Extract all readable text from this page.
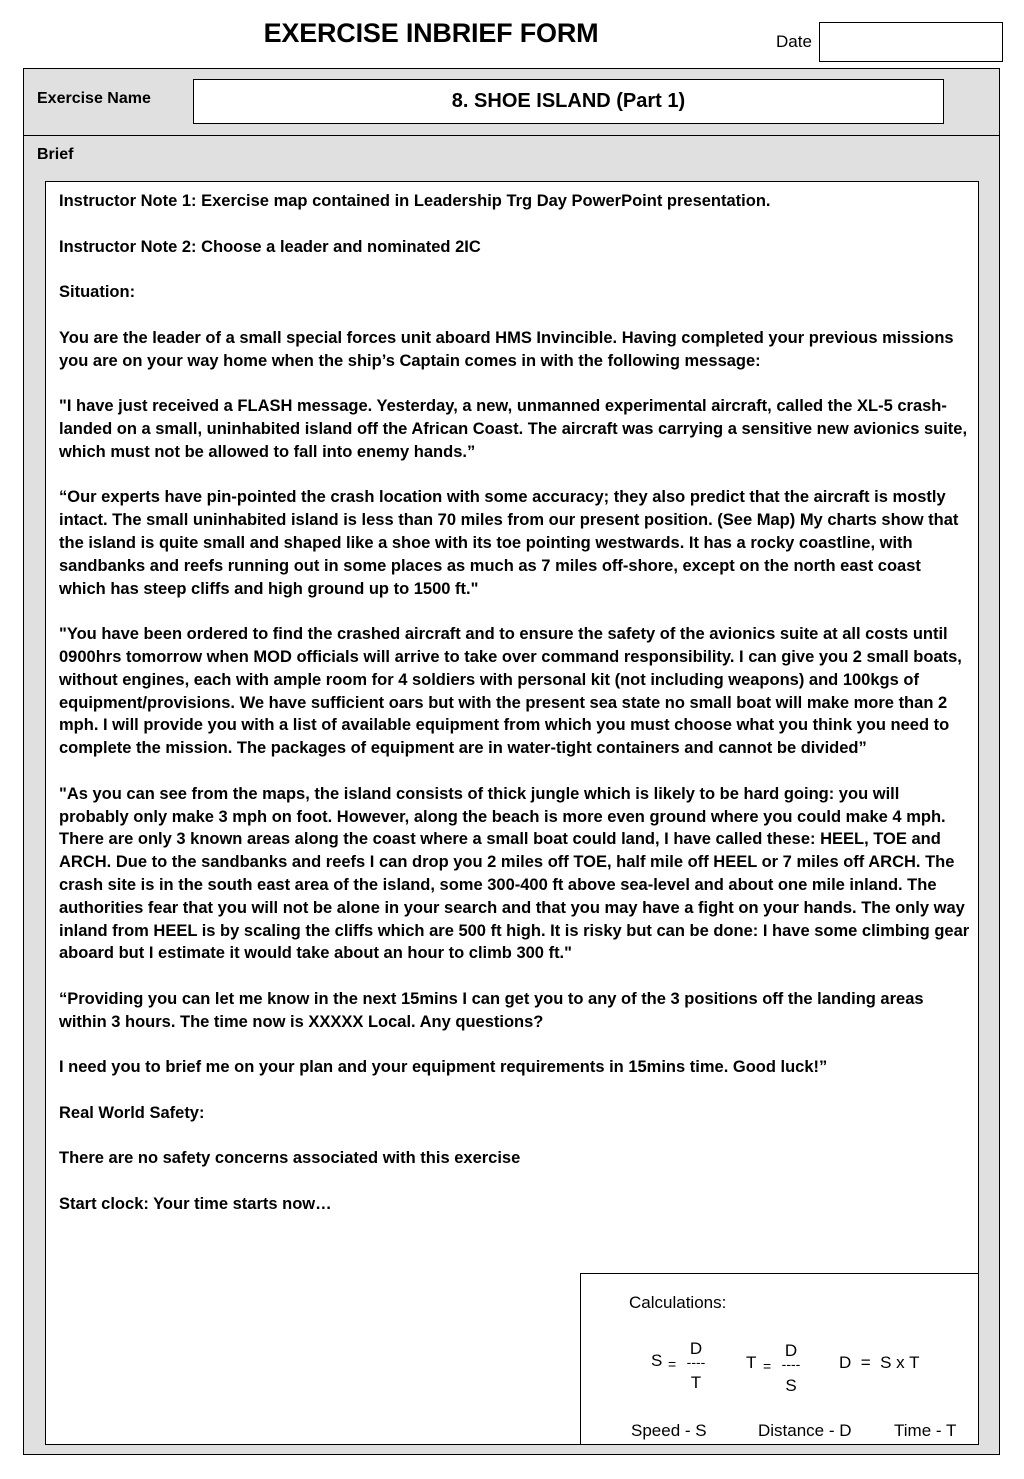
EXERCISE INBRIEF FORM	Date
Exercise Name	8. SHOE ISLAND (Part 1)
Brief

Instructor Note 1: Exercise map contained in Leadership Trg Day PowerPoint presentation.

Instructor Note 2: Choose a leader and nominated 2IC

Situation:

You are the leader of a small special forces unit aboard HMS Invincible. Having completed your previous missions you are on your way home when the ship’s Captain comes in with the following message:

"I have just received a FLASH message. Yesterday, a new, unmanned experimental aircraft, called the XL-5 crash-landed on a small, uninhabited island off the African Coast. The aircraft was carrying a sensitive new avionics suite, which must not be allowed to fall into enemy hands.”

“Our experts have pin-pointed the crash location with some accuracy; they also predict that the aircraft is mostly intact. The small uninhabited island is less than 70 miles from our present position. (See Map) My charts show that the island is quite small and shaped like a shoe with its toe pointing westwards. It has a rocky coastline, with sandbanks and reefs running out in some places as much as 7 miles off-shore, except on the north east coast which has steep cliffs and high ground up to 1500 ft."

"You have been ordered to find the crashed aircraft and to ensure the safety of the avionics suite at all costs until 0900hrs tomorrow when MOD officials will arrive to take over command responsibility. I can give you 2 small boats, without engines, each with ample room for 4 soldiers with personal kit (not including weapons) and 100kgs of equipment/provisions. We have sufficient oars but with the present sea state no small boat will make more than 2 mph. I will provide you with a list of available equipment from which you must choose what you think you need to complete the mission. The packages of equipment are in water-tight containers and cannot be divided”

"As you can see from the maps, the island consists of thick jungle which is likely to be hard going: you will probably only make 3 mph on foot. However, along the beach is more even ground where you could make 4 mph. There are only 3 known areas along the coast where a small boat could land, I have called these: HEEL, TOE and ARCH. Due to the sandbanks and reefs I can drop you 2 miles off TOE, half mile off HEEL or 7 miles off ARCH. The crash site is in the south east area of the island, some 300-400 ft above sea-level and about one mile inland. The authorities fear that you will not be alone in your search and that you may have a fight on your hands. The only way inland from HEEL is by scaling the cliffs which are 500 ft high. It is risky but can be done: I have some climbing gear aboard but I estimate it would take about an hour to climb 300 ft."

“Providing you can let me know in the next 15mins I can get you to any of the 3 positions off the landing areas within 3 hours. The time now is XXXXX Local. Any questions?

I need you to brief me on your plan and your equipment requirements in 15mins time. Good luck!”

Real World Safety:

There are no safety concerns associated with this exercise

Start clock: Your time starts now…

Calculations:
S =
D
----
T
T =
D
----
S
D  =  S x T
Speed - S	Distance - D Time - T
